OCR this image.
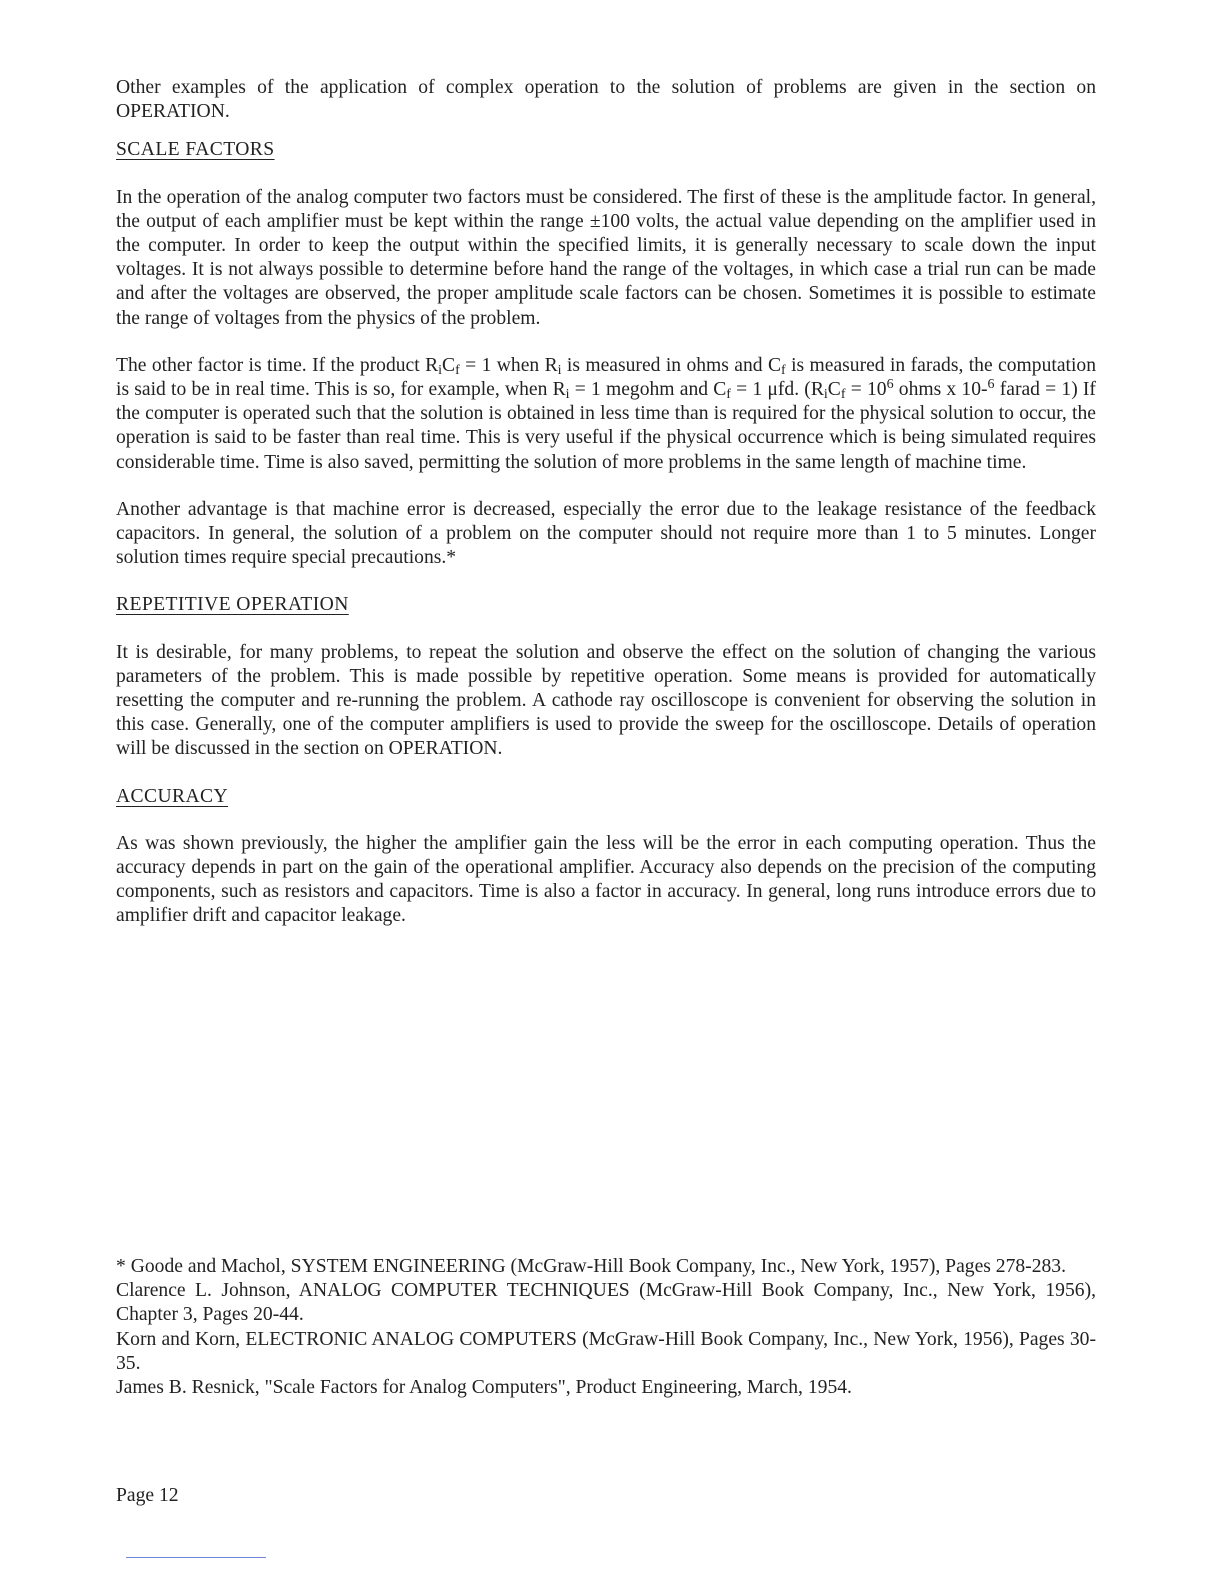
Other examples of the application of complex operation to the solution of problems are given in the section on OPERATION.

SCALE FACTORS

In the operation of the analog computer two factors must be considered. The first of these is the amplitude factor. In general, the output of each amplifier must be kept within the range ±100 volts, the actual value depending on the amplifier used in the computer. In order to keep the output within the specified limits, it is generally necessary to scale down the input voltages. It is not always possible to determine before hand the range of the voltages, in which case a trial run can be made and after the voltages are observed, the proper amplitude scale factors can be chosen. Sometimes it is possible to estimate the range of voltages from the physics of the problem.

The other factor is time. If the product $R_iC_f = 1$ when $R_i$ is measured in ohms and $C_f$ is measured in farads, the computation is said to be in real time. This is so, for example, when $R_i = 1$ megohm and $C_f = 1$ μfd. ($R_iC_f = 10^6$ ohms x 10-$^6$ farad = 1) If the computer is operated such that the solution is obtained in less time than is required for the physical solution to occur, the operation is said to be faster than real time. This is very useful if the physical occurrence which is being simulated requires considerable time. Time is also saved, permitting the solution of more problems in the same length of machine time.

Another advantage is that machine error is decreased, especially the error due to the leakage resistance of the feedback capacitors. In general, the solution of a problem on the computer should not require more than 1 to 5 minutes. Longer solution times require special precautions.*

REPETITIVE OPERATION

It is desirable, for many problems, to repeat the solution and observe the effect on the solution of changing the various parameters of the problem. This is made possible by repetitive operation. Some means is provided for automatically resetting the computer and re-running the problem. A cathode ray oscilloscope is convenient for observing the solution in this case. Generally, one of the computer amplifiers is used to provide the sweep for the oscilloscope. Details of operation will be discussed in the section on OPERATION.

ACCURACY

As was shown previously, the higher the amplifier gain the less will be the error in each computing operation. Thus the accuracy depends in part on the gain of the operational amplifier. Accuracy also depends on the precision of the computing components, such as resistors and capacitors. Time is also a factor in accuracy. In general, long runs introduce errors due to amplifier drift and capacitor leakage.

* Goode and Machol, SYSTEM ENGINEERING (McGraw-Hill Book Company, Inc., New York, 1957), Pages 278-283.

Clarence L. Johnson, ANALOG COMPUTER TECHNIQUES (McGraw-Hill Book Company, Inc., New York, 1956), Chapter 3, Pages 20-44.

Korn and Korn, ELECTRONIC ANALOG COMPUTERS (McGraw-Hill Book Company, Inc., New York, 1956), Pages 30-35.

James B. Resnick, "Scale Factors for Analog Computers", Product Engineering, March, 1954.

Page 12
